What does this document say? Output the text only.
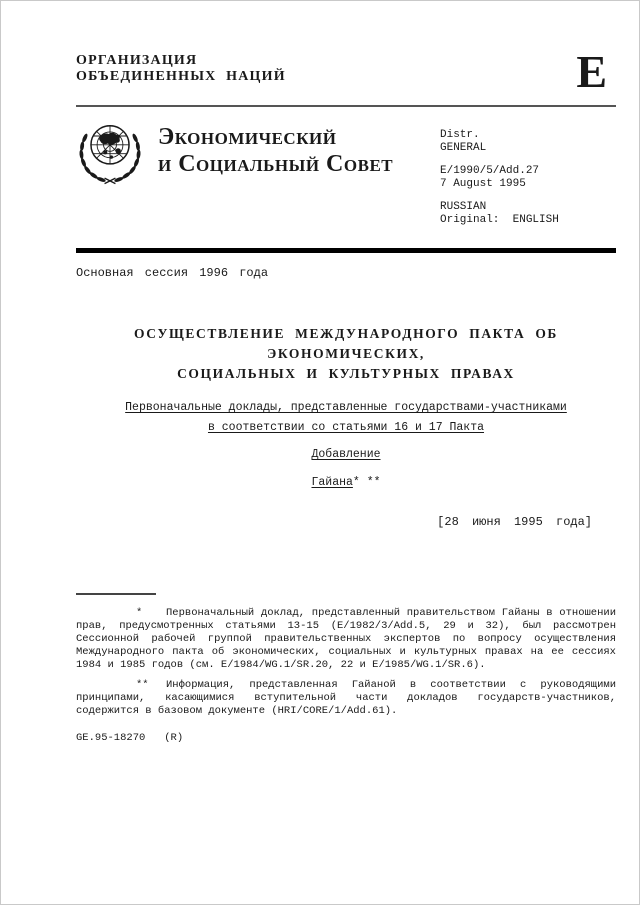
ОРГАНИЗАЦИЯ
ОБЪЕДИНЕННЫХ НАЦИЙ	E
Экономический
и Социальный Совет
Distr.
GENERAL
E/1990/5/Add.27
7 August 1995
RUSSIAN
Original:  ENGLISH
Основная сессия 1996 года
ОСУЩЕСТВЛЕНИЕ МЕЖДУНАРОДНОГО ПАКТА ОБ ЭКОНОМИЧЕСКИХ,
СОЦИАЛЬНЫХ И КУЛЬТУРНЫХ ПРАВАХ
Первоначальные доклады, представленные государствами-участниками
в соответствии со статьями 16 и 17 Пакта
Добавление
Гайана* **
[28 июня 1995 года]

* Первоначальный доклад, представленный правительством Гайаны в отношении прав, предусмотренных статьями 13-15 (E/1982/3/Add.5, 29 и 32), был рассмотрен Сессионной рабочей группой правительственных экспертов по вопросу осуществления Международного пакта об экономических, социальных и культурных правах на ее сессиях 1984 и 1985 годов (см. E/1984/WG.1/SR.20, 22 и E/1985/WG.1/SR.6).

** Информация, представленная Гайаной в соответствии с руководящими принципами, касающимися вступительной части докладов государств-участников, содержится в базовом документе (HRI/CORE/1/Add.61).

GE.95-18270   (R)
